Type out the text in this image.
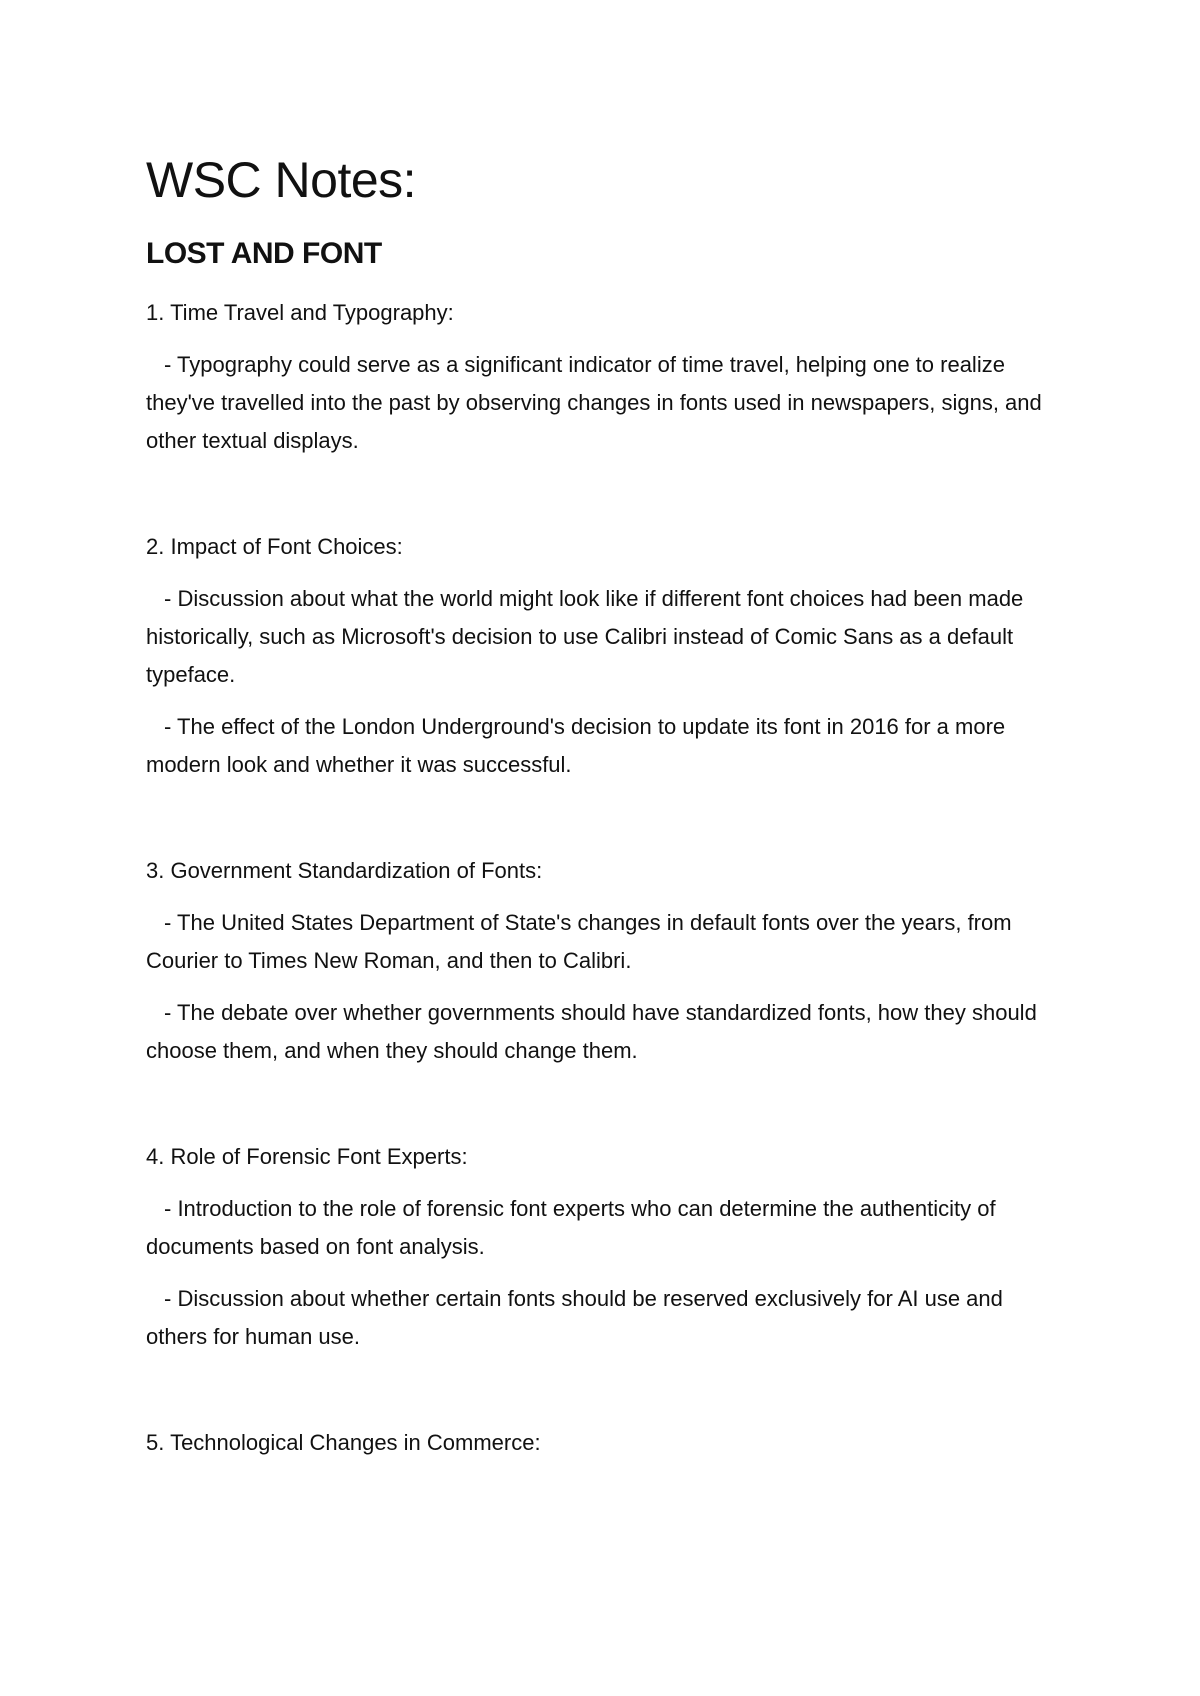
WSC Notes:
LOST AND FONT

1. Time Travel and Typography:

- Typography could serve as a significant indicator of time travel, helping one to realize they've travelled into the past by observing changes in fonts used in newspapers, signs, and other textual displays.

2. Impact of Font Choices:

- Discussion about what the world might look like if different font choices had been made historically, such as Microsoft's decision to use Calibri instead of Comic Sans as a default typeface.

- The effect of the London Underground's decision to update its font in 2016 for a more modern look and whether it was successful.

3. Government Standardization of Fonts:

- The United States Department of State's changes in default fonts over the years, from Courier to Times New Roman, and then to Calibri.

- The debate over whether governments should have standardized fonts, how they should choose them, and when they should change them.

4. Role of Forensic Font Experts:

- Introduction to the role of forensic font experts who can determine the authenticity of documents based on font analysis.

- Discussion about whether certain fonts should be reserved exclusively for AI use and others for human use.

5. Technological Changes in Commerce:
